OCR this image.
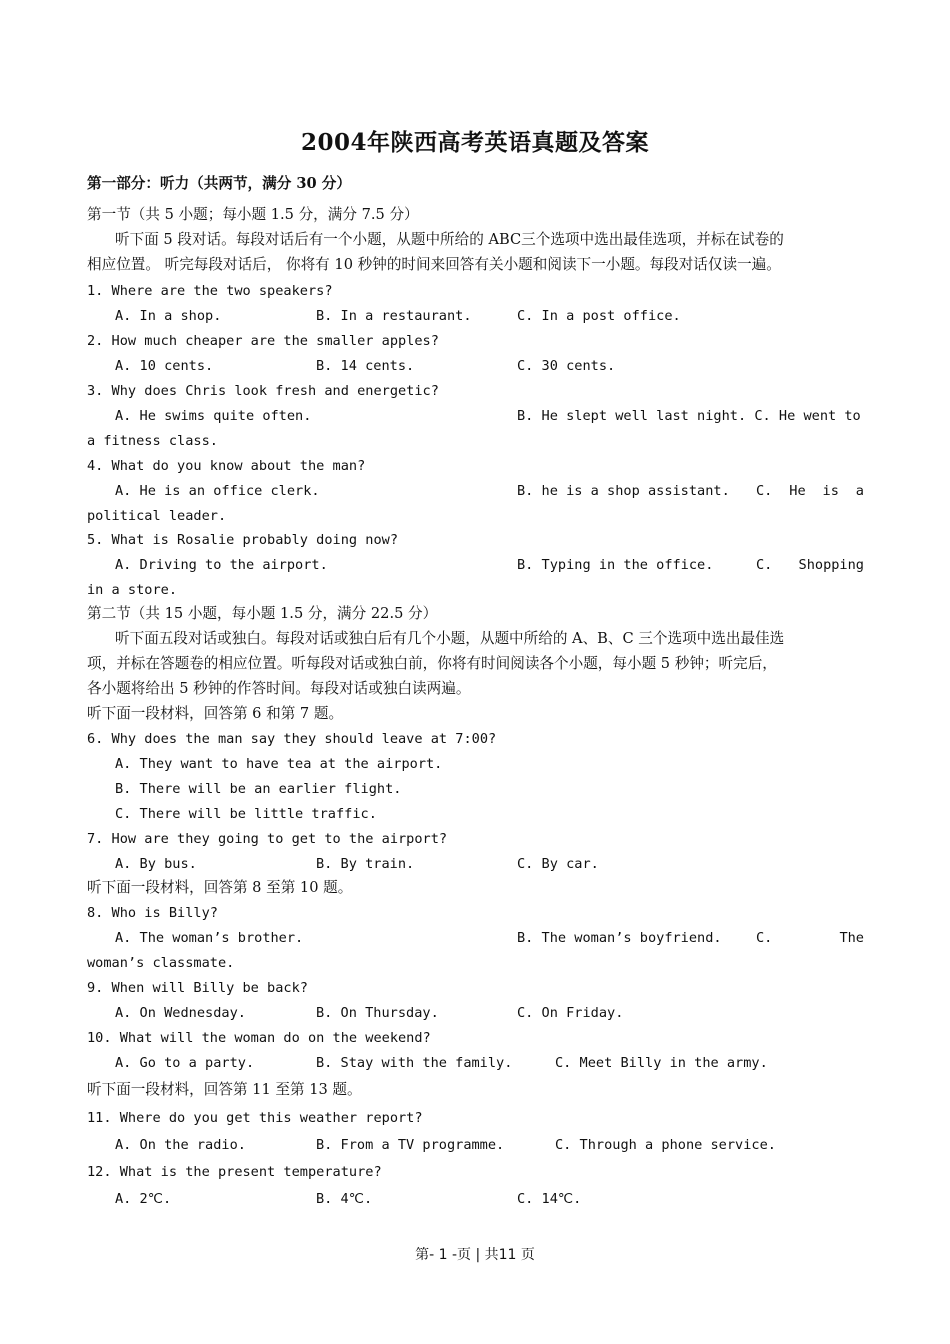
2004年陕西高考英语真题及答案
第一部分：听力（共两节，满分 30 分）
第一节（共 5 小题；每小题 1.5 分，满分 7.5 分）
听下面 5 段对话。每段对话后有一个小题，从题中所给的 ABC三个选项中选出最佳选项，并标在试卷的
相应位置。 听完每段对话后， 你将有 10 秒钟的时间来回答有关小题和阅读下一小题。每段对话仅读一遍。
1. Where are the two speakers?
A. In a shop.	B. In a restaurant.	C. In a post office.
2. How much cheaper are the smaller apples?
A. 10 cents.	B. 14 cents.	C. 30 cents.
3. Why does Chris look fresh and energetic?
A. He swims quite often.	B. He slept well last night. C. He went to
a fitness class.
4. What do you know about the man?
A. He is an office clerk.	B. he is a shop assistant. C. He is a
political leader.
5. What is Rosalie probably doing now?
A. Driving to the airport.	B. Typing in the office.	C. Shopping
in a store.
第二节（共 15 小题，每小题 1.5 分，满分 22.5 分）
听下面五段对话或独白。每段对话或独白后有几个小题，从题中所给的 A、B、C 三个选项中选出最佳选
项，并标在答题卷的相应位置。听每段对话或独白前，你将有时间阅读各个小题，每小题 5 秒钟；听完后，
各小题将给出 5 秒钟的作答时间。每段对话或独白读两遍。
听下面一段材料，回答第 6 和第 7 题。
6. Why does the man say they should leave at 7:00?
A. They want to have tea at the airport.
B. There will be an earlier flight.
C. There will be little traffic.
7. How are they going to get to the airport?
A. By bus.	B. By train.	C. By car.
听下面一段材料，回答第 8 至第 10 题。
8. Who is Billy?
A. The woman’s brother.	B. The woman’s boyfriend.	C.	The
woman’s classmate.
9. When will Billy be back?
A. On Wednesday.	B. On Thursday.	C. On Friday.
10. What will the woman do on the weekend?
A. Go to a party.	B. Stay with the family.	C. Meet Billy in the army.
听下面一段材料，回答第 11 至第 13 题。
11. Where do you get this weather report?
A. On the radio.	B. From a TV programme.	C. Through a phone service.
12. What is the present temperature?
A. 2℃.	B. 4℃.	C. 14℃.
第- 1 -页 | 共11 页
